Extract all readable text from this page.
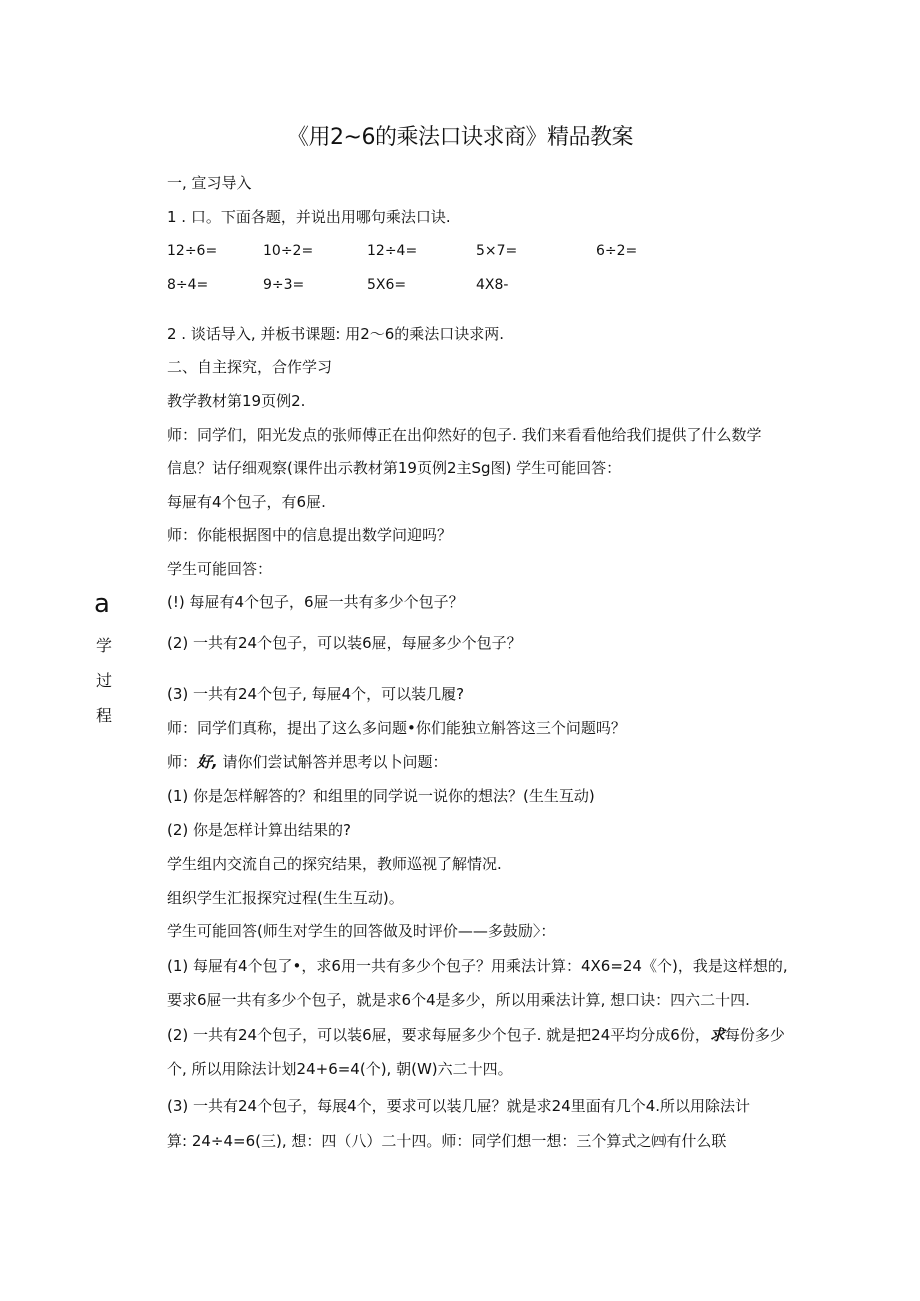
《用2~6的乘法口诀求商》精品教案
一, 宣习导入
1 . 口。下面各题，并说出用哪句乘法口诀.
12÷6=	10÷2=	12÷4=	5×7=	6÷2=
8÷4=	9÷3=	5X6=	4X8-
2 . 谈话导入, 并板书课题: 用2～6的乘法口诀求两.
二、自主探究，合作学习
教学教材第19页例2.
师：同学们，阳光发点的张师傅正在出仰然好的包子. 我们来看看他给我们提供了什么数学
信息？诂仔细观察(课件出示教材第19页例2主Sg图) 学生可能回答：
每屉有4个包子，有6屉.
师：你能根据图中的信息提出数学问迎吗？
学生可能回答：
(!) 每屉有4个包子，6屉一共有多少个包子？
(2) 一共有24个包子，可以装6屉，每屉多少个包子？
(3) 一共有24个包子, 每屉4个，可以装几履?
师：同学们真称，提出了这么多问题•你们能独立斛答这三个问题吗？
师：好, 请你们尝试斛答并思考以卜问题：
(1) 你是怎样解答的？和组里的同学说一说你的想法？(生生互动)
(2) 你是怎样计算出结果的?
学生组内交流自己的探究结果，教师巡视了解情况.
组织学生汇报探究过程(生生互动)。
学生可能回答(师生对学生的回答做及时评价——多鼓励〉：
(1) 每屉有4个包了•，求6用一共有多少个包子？用乘法计算：4X6=24《个)，我是这样想的,
要求6屉一共有多少个包子，就是求6个4是多少，所以用乘法计算, 想口诀：四六二十四.
(2) 一共有24个包子，可以装6屉，要求每屉多少个包子. 就是把24平均分成6份，求每份多少
个, 所以用除法计划24+6=4(个), 朝(W)六二十四。
(3) 一共有24个包子，每展4个，要求可以装几屉？就是求24里面有几个4.所以用除法计
算: 24÷4=6(三), 想：四（八）二十四。师：同学们想一想：三个算式之㈣有什么联
a
学
过
程
